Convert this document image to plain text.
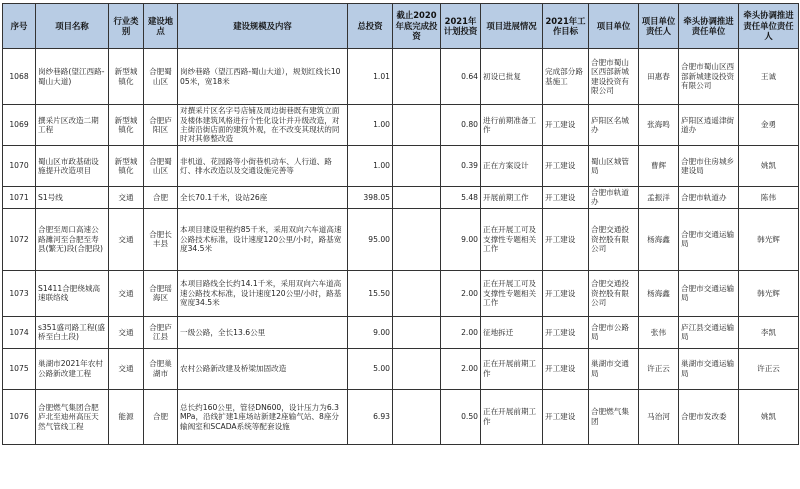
序号	项目名称	行业类别	建设地点	建设规模及内容	总投资	截止2020年底完成投资	2021年计划投资	项目进展情况	2021年工作目标	项目单位	项目单位责任人	牵头协调推进责任单位	牵头协调推进责任单位责任人
1068	岗纱巷路(望江西路-蜀山大道)	新型城镇化	合肥蜀山区	岗纱巷路（望江西路-蜀山大道），规划红线长1005米，宽18米	1.01		0.64	初设已批复	完成部分路基施工	合肥市蜀山区西部新城建设投资有限公司	田惠春	合肥市蜀山区西部新城建设投资有限公司	王诚
1069	撰采片区改造二期工程	新型城镇化	合肥庐阳区	对撰采片区名字号店铺及周边街巷既有建筑立面及楼体建筑风格进行个性化设计并升级改造，对主街沿街店面的建筑外观，在不改变其现状的同时对其修整改造	1.00		0.80	进行前期准备工作	开工建设	庐阳区名城办	张海鸣	庐阳区逍遥津街道办	金勇
1070	蜀山区市政基础设施提升改造项目	新型城镇化	合肥蜀山区	非机道、花园路等小街巷机动车、人行道、路灯、排水改造以及交通设施完善等	1.00		0.39	正在方案设计	开工建设	蜀山区城管局	曹辉	合肥市住房城乡建设局	姚凯
1071	S1号线	交通	合肥	全长70.1千米，设站26座	398.05		5.48	开展前期工作	开工建设	合肥市轨道办	孟振洋	合肥市轨道办	陈伟
1072	合肥至周口高速公路濉河至合肥至寿县(繁无)段(合肥段)	交通	合肥长丰县	本项目建设里程约85千米，采用双向六车道高速公路技术标准，设计速度120公里/小时，路基宽度34.5米	95.00		9.00	正在开展工可及支撑性专题相关工作	开工建设	合肥交通投资控股有限公司	杨海鑫	合肥市交通运输局	韩光辉
1073	S1411合肥绕城高速联络线	交通	合肥瑶海区	本项目路线全长约14.1千米，采用双向六车道高速公路技术标准，设计速度120公里/小时，路基宽度34.5米	15.50		2.00	正在开展工可及支撑性专题相关工作	开工建设	合肥交通投资控股有限公司	杨海鑫	合肥市交通运输局	韩光辉
1074	s351盛司路工程(盛桥至白土段)	交通	合肥庐江县	一级公路，全长13.6公里	9.00		2.00	征地拆迁	开工建设	合肥市公路局	张伟	庐江县交通运输局	李凯
1075	巢湖市2021年农村公路新改建工程	交通	合肥巢湖市	农村公路新改建及桥梁加固改造	5.00		2.00	正在开展前期工作	开工建设	巢湖市交通局	许正云	巢湖市交通运输局	许正云
1076	合肥燃气集团合肥庐北至迪州高压天然气管线工程	能源	合肥	总长约160公里，管径DN600，设计压力为6.3MPa，沿线扩建1座场站新建2座输气站、8座分输阀室和SCADA系统等配套设施	6.93		0.50	正在开展前期工作	开工建设	合肥燃气集团	马治河	合肥市发改委	姚凯
